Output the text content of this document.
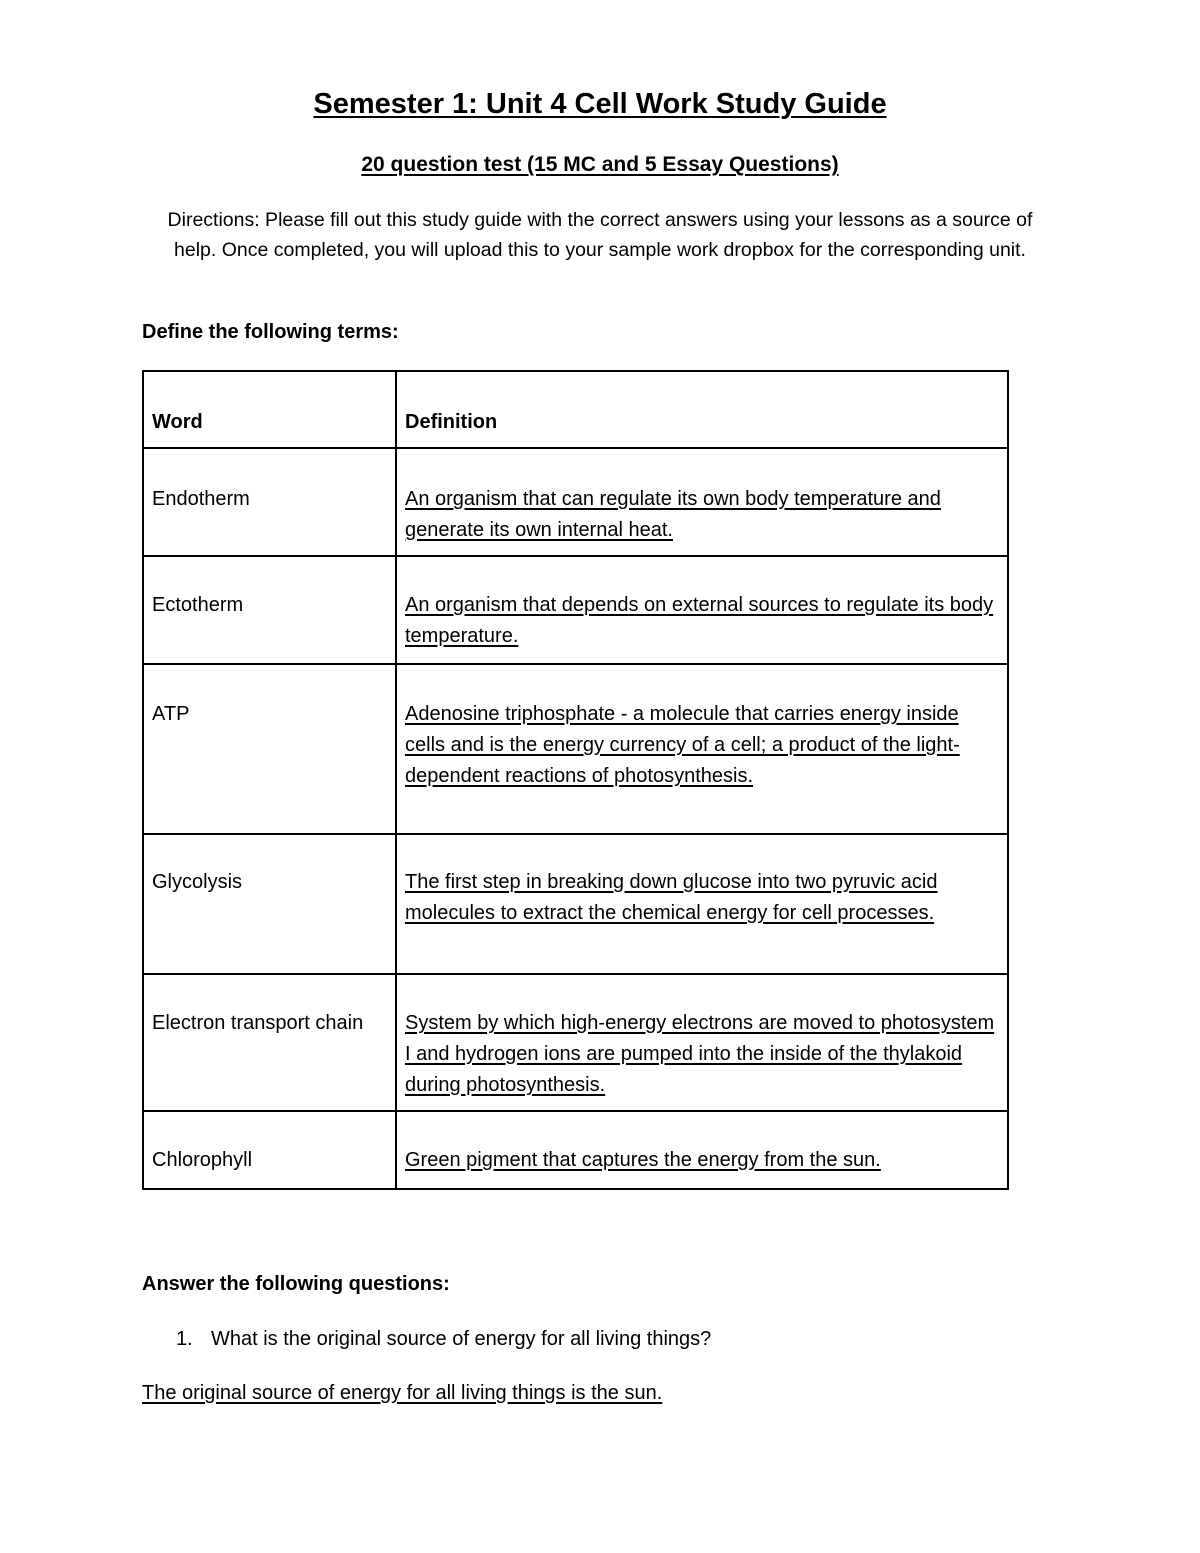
Semester 1: Unit 4 Cell Work Study Guide
20 question test (15 MC and 5 Essay Questions)
Directions: Please fill out this study guide with the correct answers using your lessons as a source of help. Once completed, you will upload this to your sample work dropbox for the corresponding unit.
Define the following terms:
Word	Definition
Endotherm	An organism that can regulate its own body temperature and generate its own internal heat.
Ectotherm	An organism that depends on external sources to regulate its body temperature.
ATP	Adenosine triphosphate - a molecule that carries energy inside cells and is the energy currency of a cell; a product of the light-dependent reactions of photosynthesis.
Glycolysis	The first step in breaking down glucose into two pyruvic acid molecules to extract the chemical energy for cell processes.
Electron transport chain	System by which high-energy electrons are moved to photosystem I and hydrogen ions are pumped into the inside of the thylakoid during photosynthesis.
Chlorophyll	Green pigment that captures the energy from the sun.
Answer the following questions:
1. What is the original source of energy for all living things?
The original source of energy for all living things is the sun.
